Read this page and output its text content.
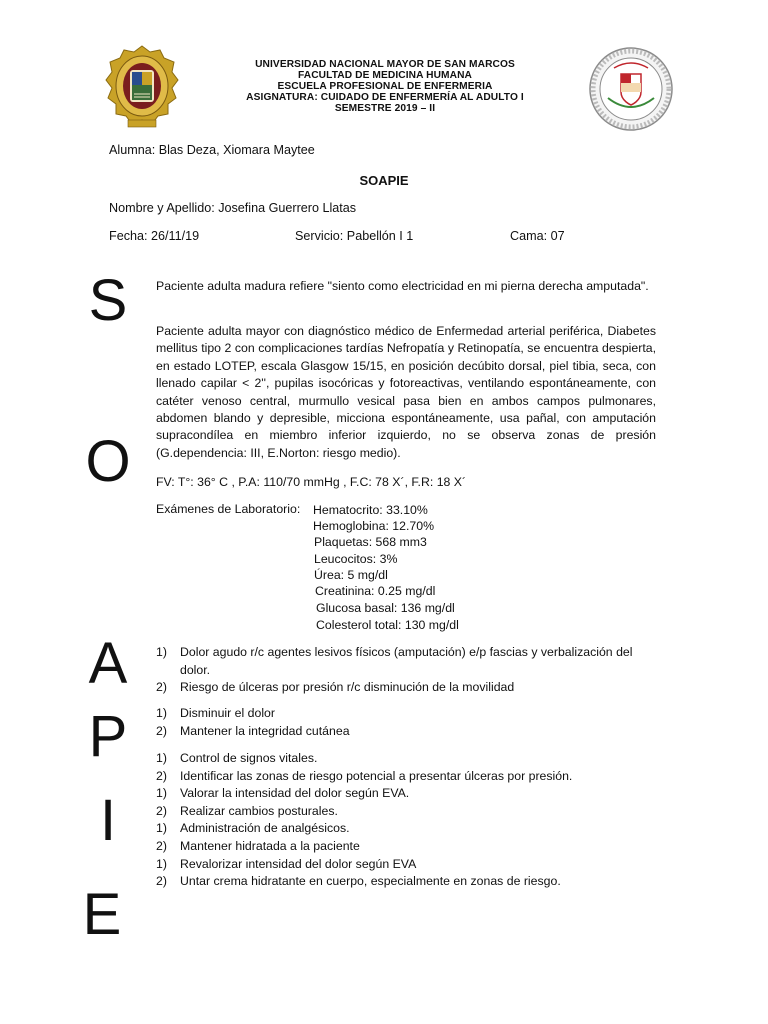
UNIVERSIDAD NACIONAL MAYOR DE SAN MARCOS
FACULTAD DE MEDICINA HUMANA
ESCUELA PROFESIONAL DE ENFERMERIA
ASIGNATURA: CUIDADO DE ENFERMERÍA AL ADULTO I
SEMESTRE 2019 – II
Alumna: Blas Deza, Xiomara Maytee
SOAPIE
Nombre y Apellido: Josefina Guerrero Llatas
Fecha: 26/11/19	Servicio: Pabellón I 1	Cama: 07
S
O
A
P
I
E
Paciente adulta madura refiere "siento como electricidad en mi pierna derecha amputada".
Paciente adulta mayor con diagnóstico médico de Enfermedad arterial periférica, Diabetes mellitus tipo 2 con complicaciones tardías Nefropatía y Retinopatía, se encuentra despierta, en estado LOTEP, escala Glasgow 15/15, en posición decúbito dorsal, piel tibia, seca, con llenado capilar < 2'', pupilas isocóricas y fotoreactivas, ventilando espontáneamente, con catéter venoso central, murmullo vesical pasa bien en ambos campos pulmonares, abdomen blando y depresible, micciona espontáneamente, usa pañal, con amputación supracondílea en miembro inferior izquierdo, no se observa zonas de presión (G.dependencia: III, E.Norton: riesgo medio).
FV: T°: 36° C , P.A: 110/70 mmHg , F.C: 78 X´, F.R: 18 X´
Exámenes de Laboratorio: Hematocrito: 33.10%
Hemoglobina: 12.70%
Plaquetas: 568 mm3
Leucocitos: 3%
Úrea: 5 mg/dl
Creatinina: 0.25 mg/dl
Glucosa basal: 136 mg/dl
Colesterol total: 130 mg/dl
1)	Dolor agudo r/c agentes lesivos físicos (amputación) e/p fascias y verbalización del dolor.
2)	Riesgo de úlceras por presión r/c disminución de la movilidad
1)	Disminuir el dolor
2)	Mantener la integridad cutánea
1)	Control de signos vitales.
2)	Identificar las zonas de riesgo potencial a presentar úlceras por presión.
1)	Valorar la intensidad del dolor según EVA.
2)	Realizar cambios posturales.
1)	Administración de analgésicos.
2)	Mantener hidratada a la paciente
1)	Revalorizar intensidad del dolor según EVA
2)	Untar crema hidratante en cuerpo, especialmente en zonas de riesgo.
